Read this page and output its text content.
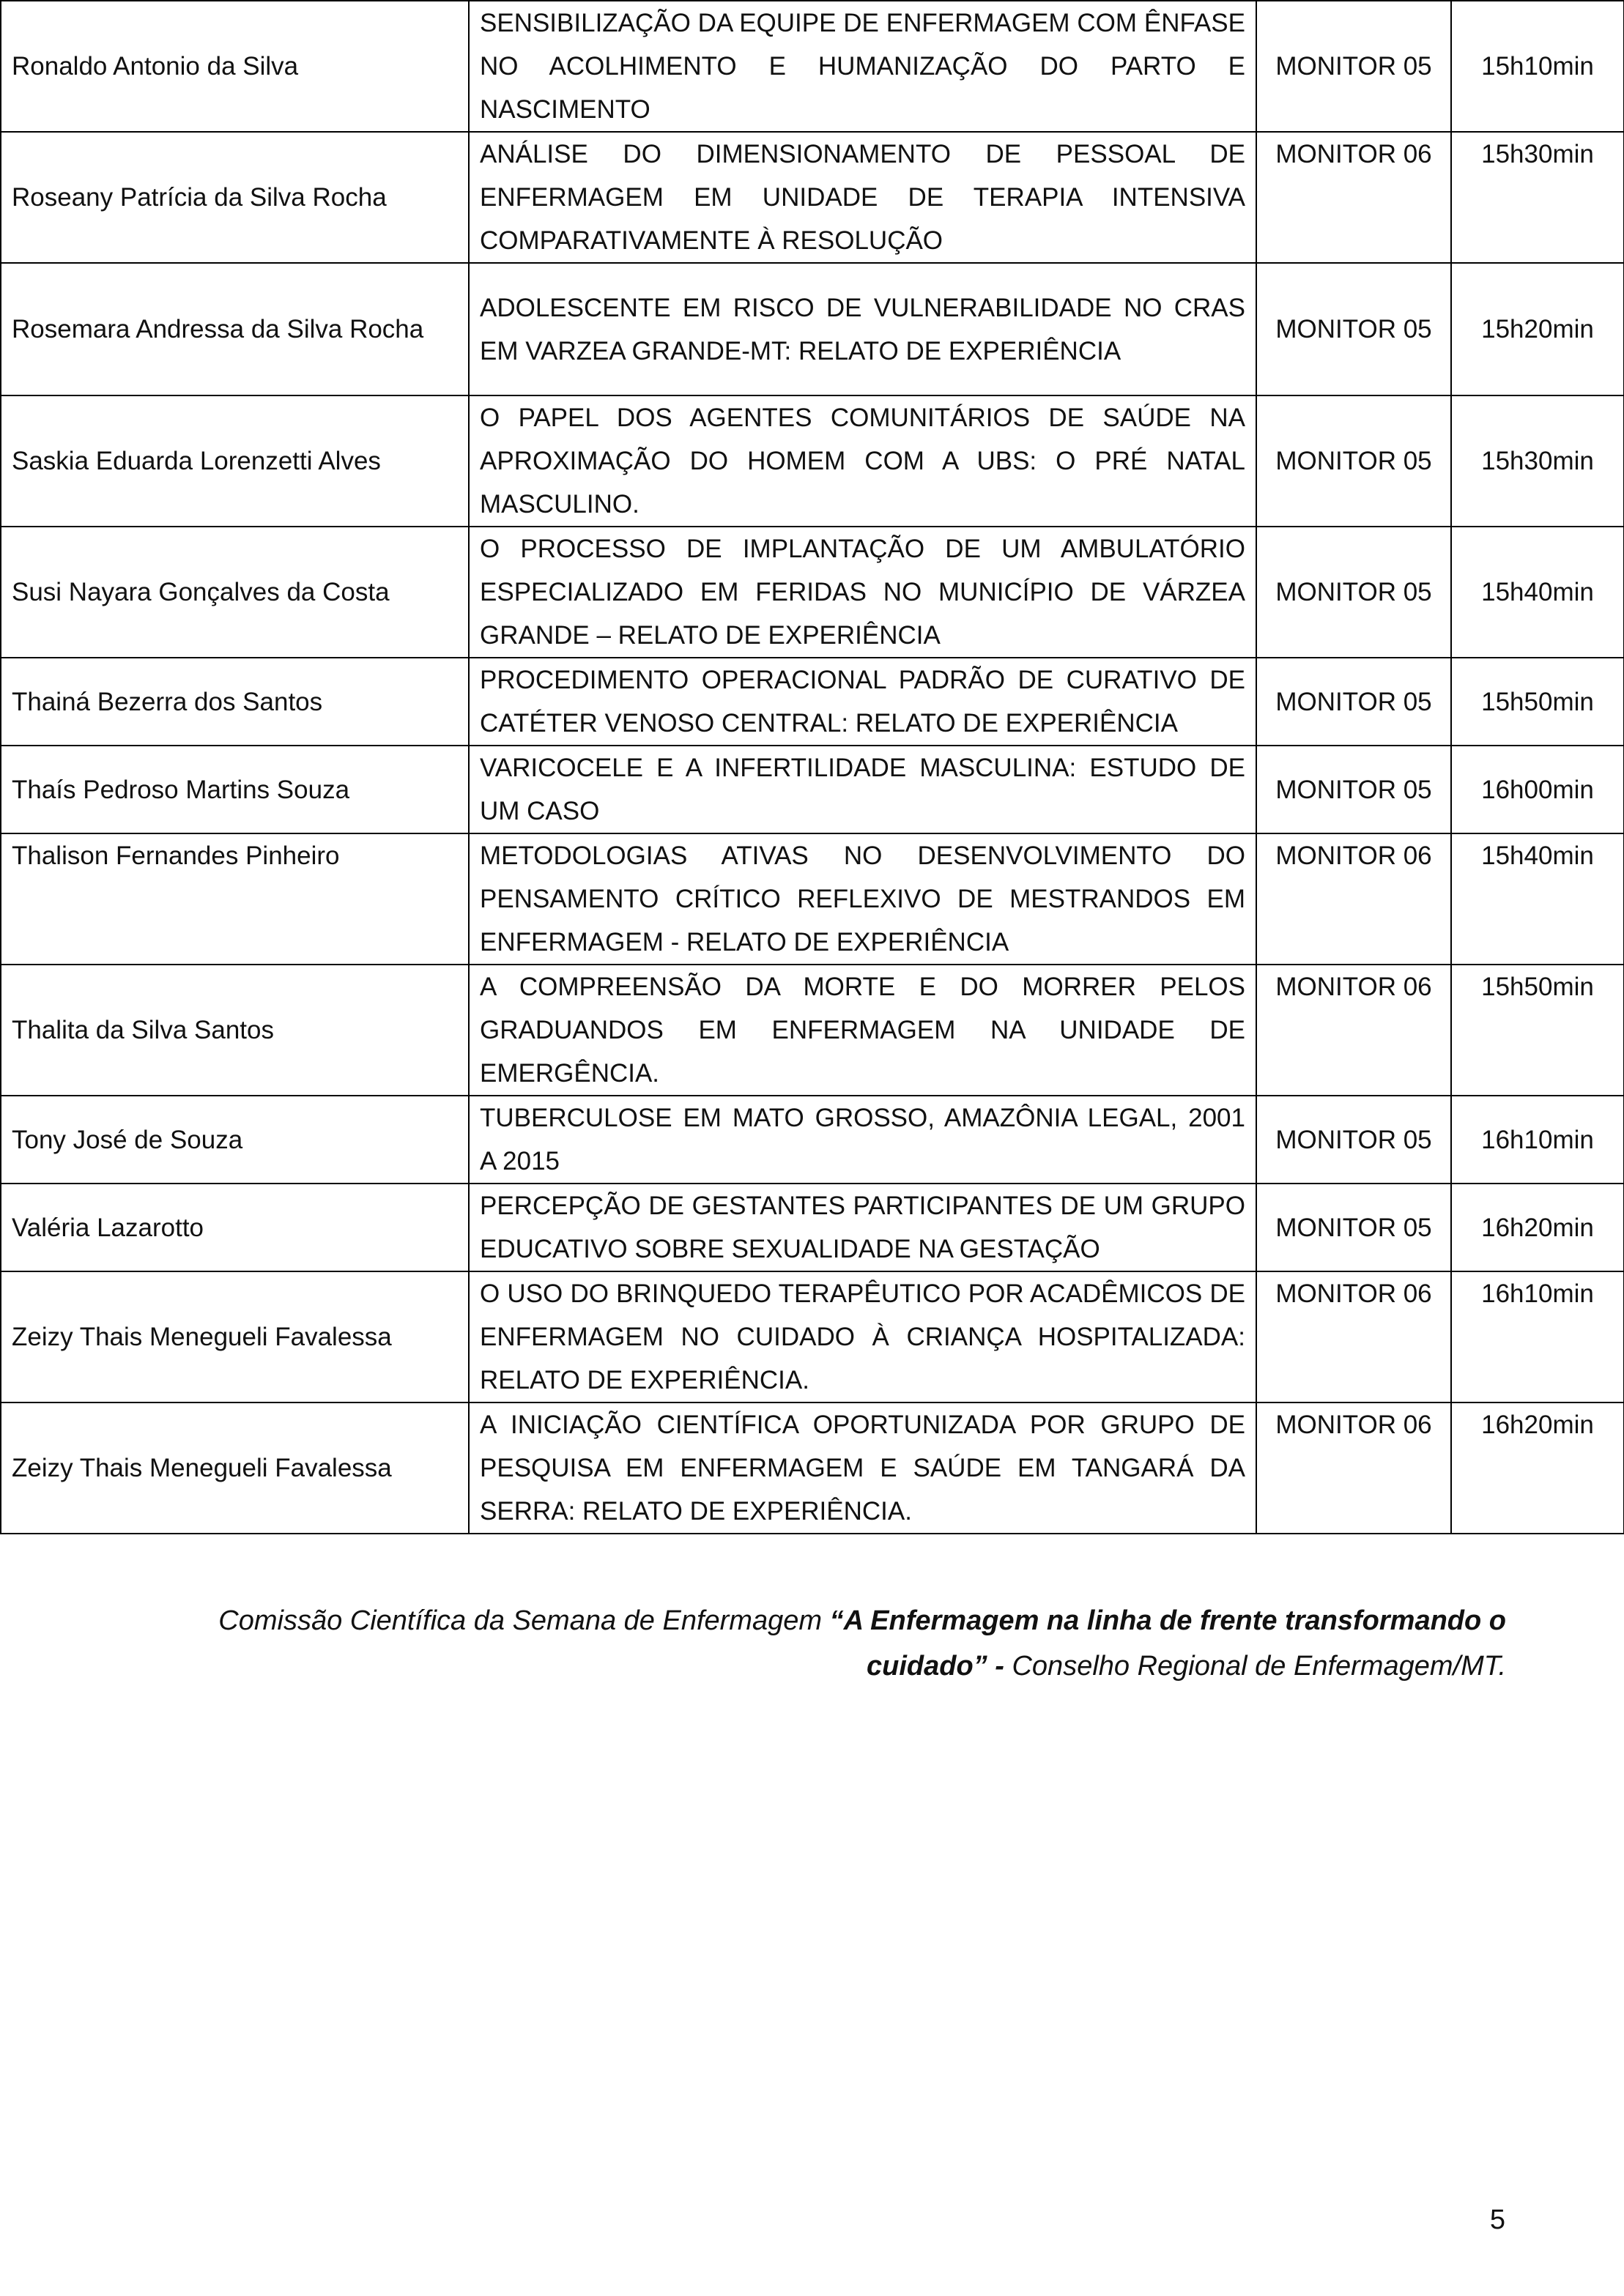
Ronaldo Antonio da Silva	SENSIBILIZAÇÃO DA EQUIPE DE ENFERMAGEM COM ÊNFASE NO ACOLHIMENTO E HUMANIZAÇÃO DO PARTO E NASCIMENTO	MONITOR 05	15h10min
Roseany Patrícia da Silva Rocha	ANÁLISE DO DIMENSIONAMENTO DE PESSOAL DE ENFERMAGEM EM UNIDADE DE TERAPIA INTENSIVA COMPARATIVAMENTE À RESOLUÇÃO	MONITOR 06	15h30min
Rosemara Andressa da Silva Rocha	ADOLESCENTE EM RISCO DE VULNERABILIDADE NO CRAS EM VARZEA GRANDE-MT: RELATO DE EXPERIÊNCIA	MONITOR 05	15h20min
Saskia Eduarda Lorenzetti Alves	O PAPEL DOS AGENTES COMUNITÁRIOS DE SAÚDE NA APROXIMAÇÃO DO HOMEM COM A UBS: O PRÉ NATAL MASCULINO.	MONITOR 05	15h30min
Susi Nayara Gonçalves da Costa	O PROCESSO DE IMPLANTAÇÃO DE UM AMBULATÓRIO ESPECIALIZADO EM FERIDAS NO MUNICÍPIO DE VÁRZEA GRANDE – RELATO DE EXPERIÊNCIA	MONITOR 05	15h40min
Thainá Bezerra dos Santos	PROCEDIMENTO OPERACIONAL PADRÃO DE CURATIVO DE CATÉTER VENOSO CENTRAL: RELATO DE EXPERIÊNCIA	MONITOR 05	15h50min
Thaís Pedroso Martins Souza	VARICOCELE E A INFERTILIDADE MASCULINA: ESTUDO DE UM CASO	MONITOR 05	16h00min
Thalison Fernandes Pinheiro	METODOLOGIAS ATIVAS NO DESENVOLVIMENTO DO PENSAMENTO CRÍTICO REFLEXIVO DE MESTRANDOS EM ENFERMAGEM - RELATO DE EXPERIÊNCIA	MONITOR 06	15h40min
Thalita da Silva Santos	A COMPREENSÃO DA MORTE E DO MORRER PELOS GRADUANDOS EM ENFERMAGEM NA UNIDADE DE EMERGÊNCIA.	MONITOR 06	15h50min
Tony José de Souza	TUBERCULOSE EM MATO GROSSO, AMAZÔNIA LEGAL, 2001 A 2015	MONITOR 05	16h10min
Valéria Lazarotto	PERCEPÇÃO DE GESTANTES PARTICIPANTES DE UM GRUPO EDUCATIVO SOBRE SEXUALIDADE NA GESTAÇÃO	MONITOR 05	16h20min
Zeizy Thais Menegueli Favalessa	O USO DO BRINQUEDO TERAPÊUTICO POR ACADÊMICOS DE ENFERMAGEM NO CUIDADO À CRIANÇA HOSPITALIZADA: RELATO DE EXPERIÊNCIA.	MONITOR 06	16h10min
Zeizy Thais Menegueli Favalessa	A INICIAÇÃO CIENTÍFICA OPORTUNIZADA POR GRUPO DE PESQUISA EM ENFERMAGEM E SAÚDE EM TANGARÁ DA SERRA: RELATO DE EXPERIÊNCIA.	MONITOR 06	16h20min
Comissão Científica da Semana de Enfermagem “A Enfermagem na linha de frente transformando o cuidado” - Conselho Regional de Enfermagem/MT.
5
